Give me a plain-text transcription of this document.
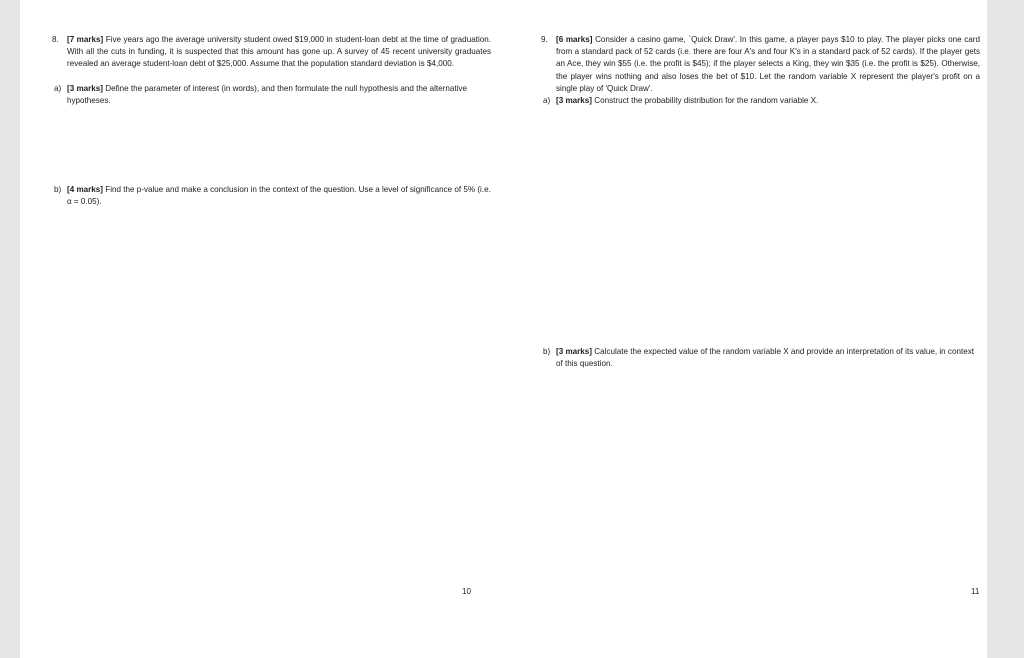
8. [7 marks] Five years ago the average university student owed $19,000 in student-loan debt at the time of graduation. With all the cuts in funding, it is suspected that this amount has gone up. A survey of 45 recent university graduates revealed an average student-loan debt of $25,000. Assume that the population standard deviation is $4,000.
a) [3 marks] Define the parameter of interest (in words), and then formulate the null hypothesis and the alternative hypotheses.
b) [4 marks] Find the p-value and make a conclusion in the context of the question. Use a level of significance of 5% (i.e. α = 0.05).
10
9. [6 marks] Consider a casino game, `Quick Draw'. In this game, a player pays $10 to play. The player picks one card from a standard pack of 52 cards (i.e. there are four A's and four K's in a standard pack of 52 cards). If the player gets an Ace, they win $55 (i.e. the profit is $45); if the player selects a King, they win $35 (i.e. the profit is $25). Otherwise, the player wins nothing and also loses the bet of $10. Let the random variable X represent the player's profit on a single play of 'Quick Draw'.
a) [3 marks] Construct the probability distribution for the random variable X.
b) [3 marks] Calculate the expected value of the random variable X and provide an interpretation of its value, in context of this question.
11
